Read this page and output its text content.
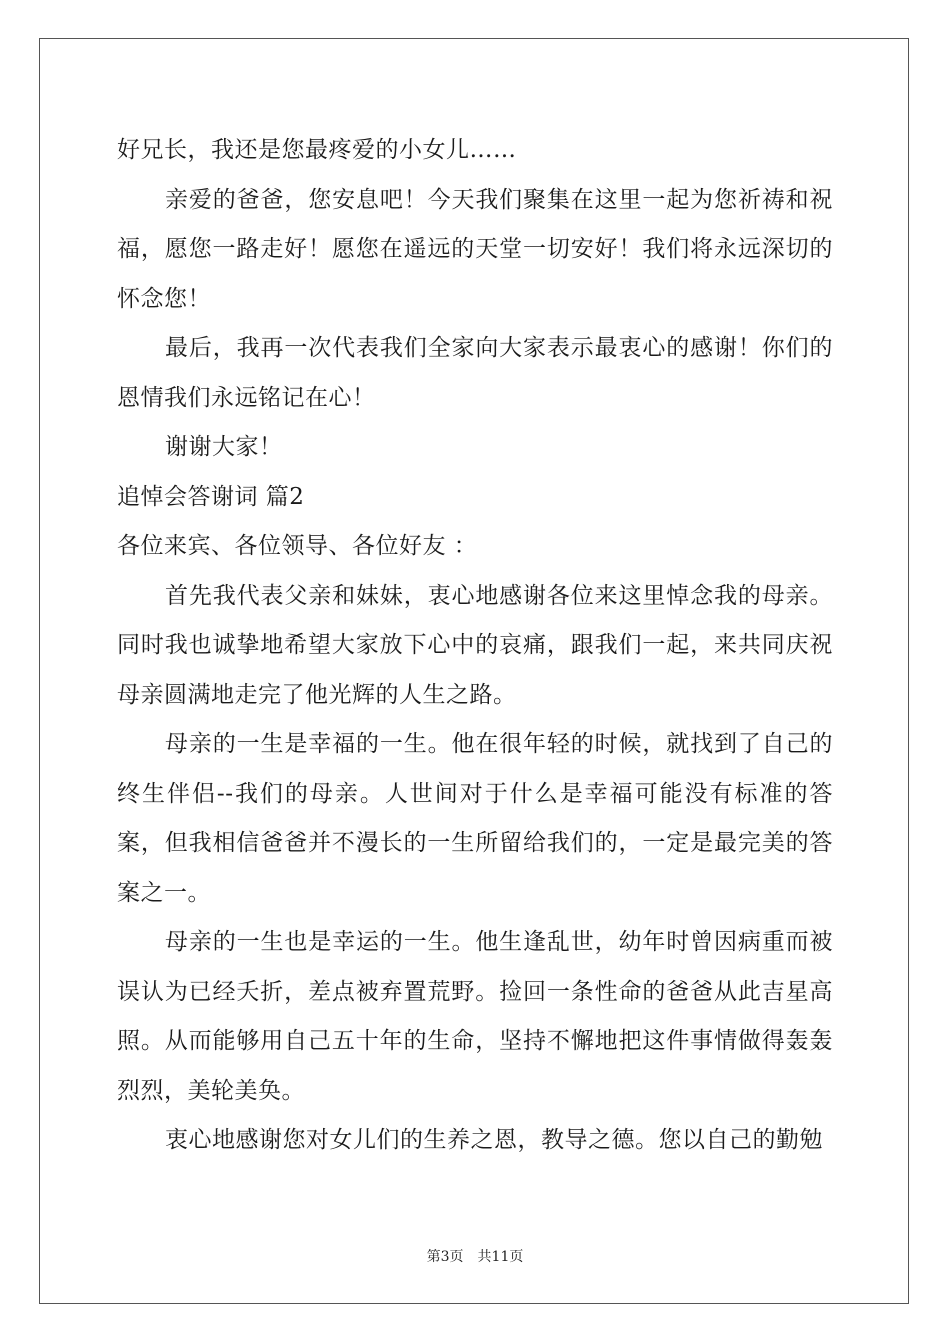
好兄长，我还是您最疼爱的小女儿……

亲爱的爸爸，您安息吧！今天我们聚集在这里一起为您祈祷和祝福，愿您一路走好！愿您在遥远的天堂一切安好！我们将永远深切的怀念您！

最后，我再一次代表我们全家向大家表示最衷心的感谢！你们的恩情我们永远铭记在心！

谢谢大家！

追悼会答谢词 篇2

各位来宾、各位领导、各位好友 ：

首先我代表父亲和妹妹，衷心地感谢各位来这里悼念我的母亲。同时我也诚挚地希望大家放下心中的哀痛，跟我们一起，来共同庆祝母亲圆满地走完了他光辉的人生之路。

母亲的一生是幸福的一生。他在很年轻的时候，就找到了自己的终生伴侣--我们的母亲。人世间对于什么是幸福可能没有标准的答案，但我相信爸爸并不漫长的一生所留给我们的，一定是最完美的答案之一。

母亲的一生也是幸运的一生。他生逢乱世，幼年时曾因病重而被误认为已经夭折，差点被弃置荒野。捡回一条性命的爸爸从此吉星高照。从而能够用自己五十年的生命，坚持不懈地把这件事情做得轰轰烈烈，美轮美奂。

衷心地感谢您对女儿们的生养之恩，教导之德。您以自己的勤勉

第3页 共11页
